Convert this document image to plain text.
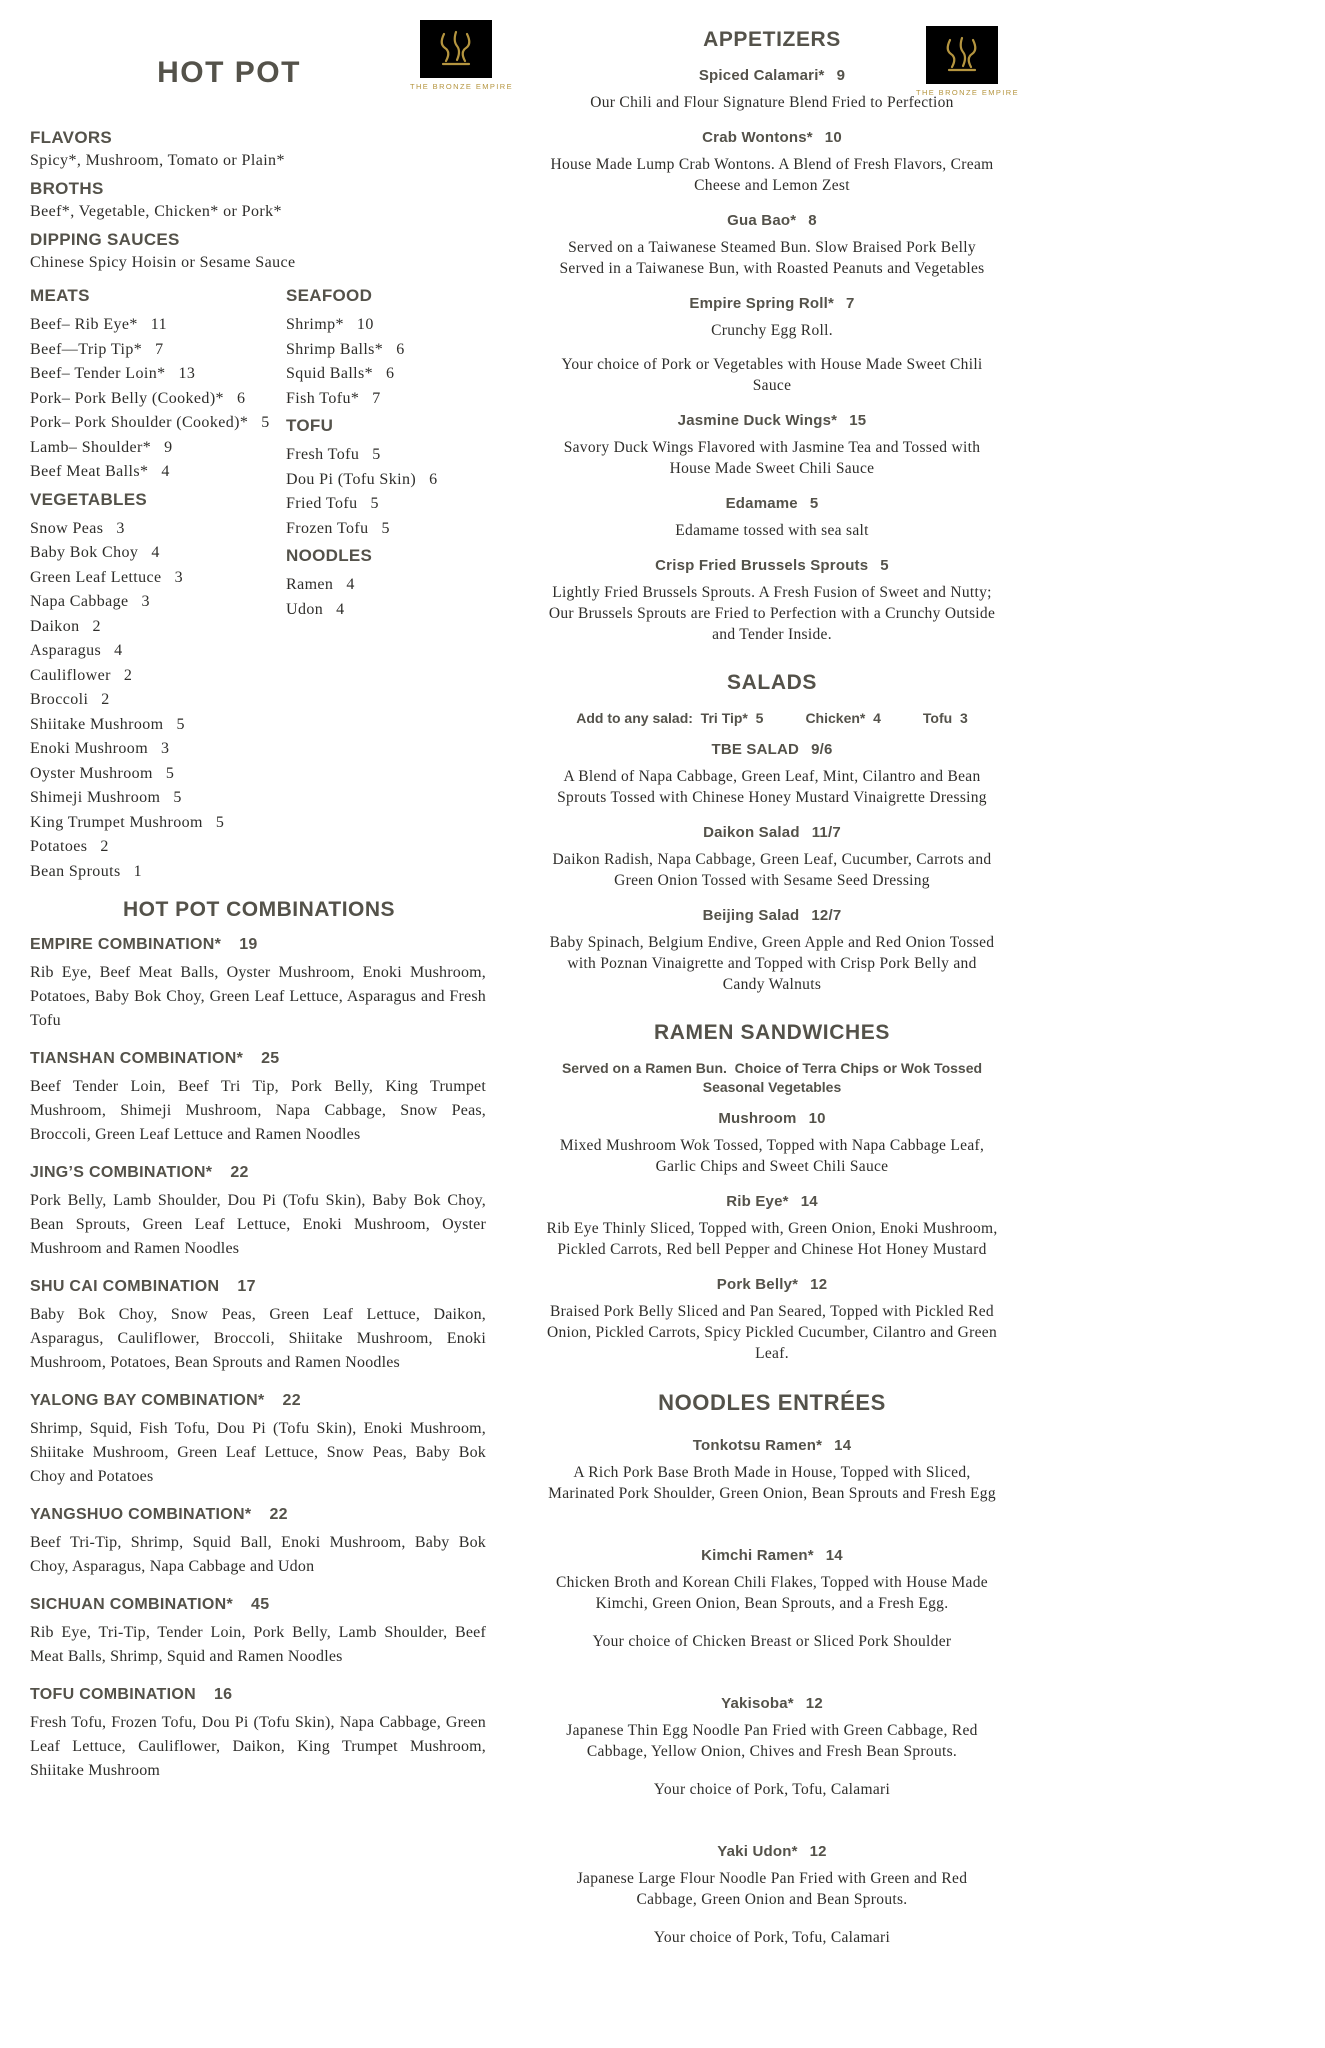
HOT POT	THE BRONZE EMPIRE
FLAVORS
Spicy*, Mushroom, Tomato or Plain*
BROTHS
Beef*, Vegetable, Chicken* or Pork*
DIPPING SAUCES
Chinese Spicy Hoisin or Sesame Sauce
MEATS
Beef– Rib Eye* 11
Beef—Trip Tip* 7
Beef– Tender Loin* 13
Pork– Pork Belly (Cooked)* 6
Pork– Pork Shoulder (Cooked)* 5
Lamb– Shoulder* 9
Beef Meat Balls* 4
VEGETABLES
Snow Peas 3
Baby Bok Choy 4
Green Leaf Lettuce 3
Napa Cabbage 3
Daikon 2
Asparagus 4
Cauliflower 2
Broccoli 2
Shiitake Mushroom 5
Enoki Mushroom 3
Oyster Mushroom 5
Shimeji Mushroom 5
King Trumpet Mushroom 5
Potatoes 2
Bean Sprouts 1
SEAFOOD
Shrimp* 10
Shrimp Balls* 6
Squid Balls* 6
Fish Tofu* 7
TOFU
Fresh Tofu 5
Dou Pi (Tofu Skin) 6
Fried Tofu 5
Frozen Tofu 5
NOODLES
Ramen 4
Udon 4
HOT POT COMBINATIONS
EMPIRE COMBINATION* 19

Rib Eye, Beef Meat Balls, Oyster Mushroom, Enoki Mushroom, Potatoes, Baby Bok Choy, Green Leaf Lettuce, Asparagus and Fresh Tofu

TIANSHAN COMBINATION* 25

Beef Tender Loin, Beef Tri Tip, Pork Belly, King Trumpet Mushroom, Shimeji Mushroom, Napa Cabbage, Snow Peas, Broccoli, Green Leaf Lettuce and Ramen Noodles

JING’S COMBINATION* 22

Pork Belly, Lamb Shoulder, Dou Pi (Tofu Skin), Baby Bok Choy, Bean Sprouts, Green Leaf Lettuce, Enoki Mushroom, Oyster Mushroom and Ramen Noodles

SHU CAI COMBINATION 17

Baby Bok Choy, Snow Peas, Green Leaf Lettuce, Daikon, Asparagus, Cauliflower, Broccoli, Shiitake Mushroom, Enoki Mushroom, Potatoes, Bean Sprouts and Ramen Noodles

YALONG BAY COMBINATION* 22

Shrimp, Squid, Fish Tofu, Dou Pi (Tofu Skin), Enoki Mushroom, Shiitake Mushroom, Green Leaf Lettuce, Snow Peas, Baby Bok Choy and Potatoes

YANGSHUO COMBINATION* 22

Beef Tri-Tip, Shrimp, Squid Ball, Enoki Mushroom, Baby Bok Choy, Asparagus, Napa Cabbage and Udon

SICHUAN COMBINATION* 45

Rib Eye, Tri-Tip, Tender Loin, Pork Belly, Lamb Shoulder, Beef Meat Balls, Shrimp, Squid and Ramen Noodles

TOFU COMBINATION 16

Fresh Tofu, Frozen Tofu, Dou Pi (Tofu Skin), Napa Cabbage, Green Leaf Lettuce, Cauliflower, Daikon, King Trumpet Mushroom, Shiitake Mushroom

THE BRONZE EMPIRE
APPETIZERS
Spiced Calamari* 9

Our Chili and Flour Signature Blend Fried to Perfection

Crab Wontons* 10

House Made Lump Crab Wontons. A Blend of Fresh Flavors, Cream Cheese and Lemon Zest

Gua Bao* 8

Served on a Taiwanese Steamed Bun. Slow Braised Pork Belly Served in a Taiwanese Bun, with Roasted Peanuts and Vegetables

Empire Spring Roll* 7

Crunchy Egg Roll.

Your choice of Pork or Vegetables with House Made Sweet Chili Sauce

Jasmine Duck Wings* 15

Savory Duck Wings Flavored with Jasmine Tea and Tossed with House Made Sweet Chili Sauce

Edamame 5

Edamame tossed with sea salt

Crisp Fried Brussels Sprouts 5

Lightly Fried Brussels Sprouts. A Fresh Fusion of Sweet and Nutty; Our Brussels Sprouts are Fried to Perfection with a Crunchy Outside and Tender Inside.

SALADS
Add to any salad:  Tri Tip*  5   Chicken*  4   Tofu  3
TBE SALAD 9/6

A Blend of Napa Cabbage, Green Leaf, Mint, Cilantro and Bean Sprouts Tossed with Chinese Honey Mustard Vinaigrette Dressing

Daikon Salad 11/7

Daikon Radish, Napa Cabbage, Green Leaf, Cucumber, Carrots and Green Onion Tossed with Sesame Seed Dressing

Beijing Salad 12/7

Baby Spinach, Belgium Endive, Green Apple and Red Onion Tossed with Poznan Vinaigrette and Topped with Crisp Pork Belly and Candy Walnuts

RAMEN SANDWICHES
Served on a Ramen Bun.  Choice of Terra Chips or Wok Tossed Seasonal Vegetables
Mushroom 10

Mixed Mushroom Wok Tossed, Topped with Napa Cabbage Leaf, Garlic Chips and Sweet Chili Sauce

Rib Eye* 14

Rib Eye Thinly Sliced, Topped with, Green Onion, Enoki Mushroom, Pickled Carrots, Red bell Pepper and Chinese Hot Honey Mustard

Pork Belly* 12

Braised Pork Belly Sliced and Pan Seared, Topped with Pickled Red Onion, Pickled Carrots, Spicy Pickled Cucumber, Cilantro and Green Leaf.

NOODLES ENTRÉES
Tonkotsu Ramen* 14

A Rich Pork Base Broth Made in House, Topped with Sliced, Marinated Pork Shoulder, Green Onion, Bean Sprouts and Fresh Egg

Kimchi Ramen* 14

Chicken Broth and Korean Chili Flakes, Topped with House Made Kimchi, Green Onion, Bean Sprouts, and a Fresh Egg.

Your choice of Chicken Breast or Sliced Pork Shoulder

Yakisoba* 12

Japanese Thin Egg Noodle Pan Fried with Green Cabbage, Red Cabbage, Yellow Onion, Chives and Fresh Bean Sprouts.

Your choice of Pork, Tofu, Calamari

Yaki Udon* 12

Japanese Large Flour Noodle Pan Fried with Green and Red Cabbage, Green Onion and Bean Sprouts.

Your choice of Pork, Tofu, Calamari
